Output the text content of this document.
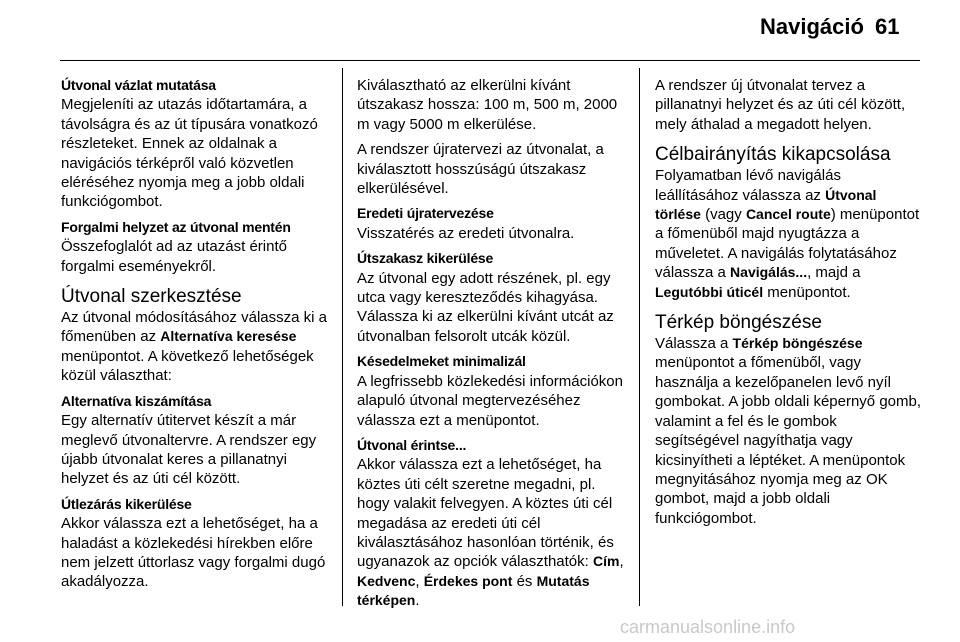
Navigáció 61
Útvonal vázlat mutatása
Megjeleníti az utazás időtartamára, a távolságra és az út típusára vonatkozó részleteket. Ennek az oldalnak a navigációs térképről való közvetlen eléréséhez nyomja meg a jobb oldali funkciógombot.
Forgalmi helyzet az útvonal mentén
Összefoglalót ad az utazást érintő forgalmi eseményekről.
Útvonal szerkesztése
Az útvonal módosításához válassza ki a főmenüben az Alternatíva keresése menüpontot. A következő lehetőségek közül választhat:
Alternatíva kiszámítása
Egy alternatív útitervet készít a már meglevő útvonaltervre. A rendszer egy újabb útvonalat keres a pillanatnyi helyzet és az úti cél között.
Útlezárás kikerülése
Akkor válassza ezt a lehetőséget, ha a haladást a közlekedési hírekben előre nem jelzett úttorlasz vagy forgalmi dugó akadályozza.
Kiválasztható az elkerülni kívánt útszakasz hossza: 100 m, 500 m, 2000 m vagy 5000 m elkerülése.
A rendszer újratervezi az útvonalat, a kiválasztott hosszúságú útszakasz elkerülésével.
Eredeti újratervezése
Visszatérés az eredeti útvonalra.
Útszakasz kikerülése
Az útvonal egy adott részének, pl. egy utca vagy kereszteződés kihagyása. Válassza ki az elkerülni kívánt utcát az útvonalban felsorolt utcák közül.
Késedelmeket minimalizál
A legfrissebb közlekedési információkon alapuló útvonal megtervezéséhez válassza ezt a menüpontot.
Útvonal érintse...
Akkor válassza ezt a lehetőséget, ha köztes úti célt szeretne megadni, pl. hogy valakit felvegyen. A köztes úti cél megadása az eredeti úti cél kiválasztásához hasonlóan történik, és ugyanazok az opciók választhatók: Cím, Kedvenc, Érdekes pont és Mutatás térképen.
A rendszer új útvonalat tervez a pillanatnyi helyzet és az úti cél között, mely áthalad a megadott helyen.
Célbairányítás kikapcsolása
Folyamatban lévő navigálás leállításához válassza az Útvonal törlése (vagy Cancel route) menüpontot a főmenüből majd nyugtázza a műveletet. A navigálás folytatásához válassza a Navigálás..., majd a Legutóbbi úticél menüpontot.
Térkép böngészése
Válassza a Térkép böngészése menüpontot a főmenüből, vagy használja a kezelőpanelen levő nyíl gombokat. A jobb oldali képernyő gomb, valamint a fel és le gombok segítségével nagyíthatja vagy kicsinyítheti a léptéket. A menüpontok megnyitásához nyomja meg az OK gombot, majd a jobb oldali funkciógombot.
carmanualsonline.info
